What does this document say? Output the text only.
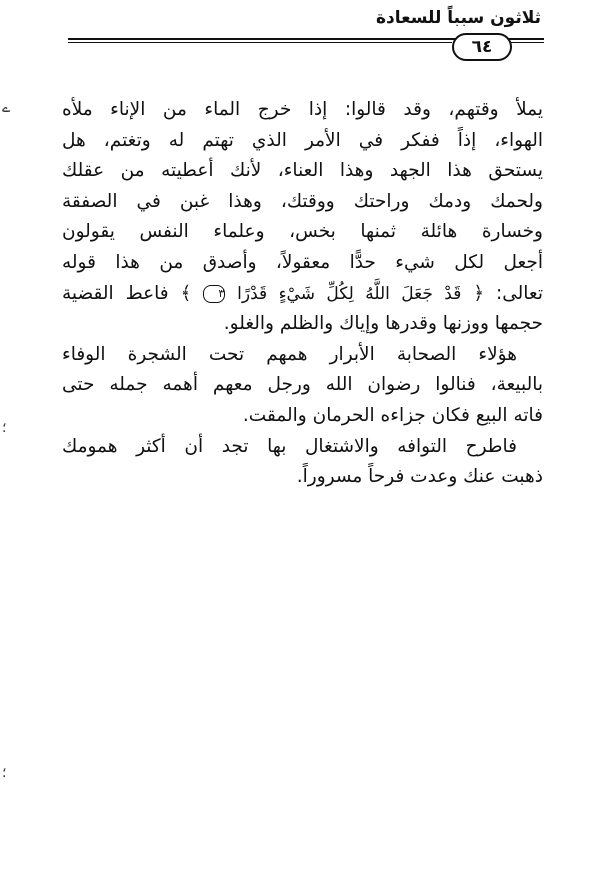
ثلاثون سبباً للسعادة
٦٤
ے
؛
؛

يملأ وقتهم، وقد قالوا: إذا خرج الماء من الإناء ملأه
الهواء، إذاً ففكر في الأمر الذي تهتم له وتغتم، هل
يستحق هذا الجهد وهذا العناء، لأنك أعطيته من عقلك
ولحمك ودمك وراحتك ووقتك، وهذا غبن في الصفقة
وخسارة هائلة ثمنها بخس، وعلماء النفس يقولون
أجعل لكل شيء حدًّا معقولاً، وأصدق من هذا قوله
تعالى: ﴿ قَدْ جَعَلَ اللَّهُ لِكُلِّ شَيْءٍ قَدْرًا ٣ ﴾ فاعط القضية
حجمها ووزنها وقدرها وإياك والظلم والغلو.

هؤلاء الصحابة الأبرار همهم تحت الشجرة الوفاء
بالبيعة، فنالوا رضوان الله ورجل معهم أهمه جمله حتى
فاته البيع فكان جزاءه الحرمان والمقت.

فاطرح التوافه والاشتغال بها تجد أن أكثر همومك
ذهبت عنك وعدت فرحاً مسروراً.
